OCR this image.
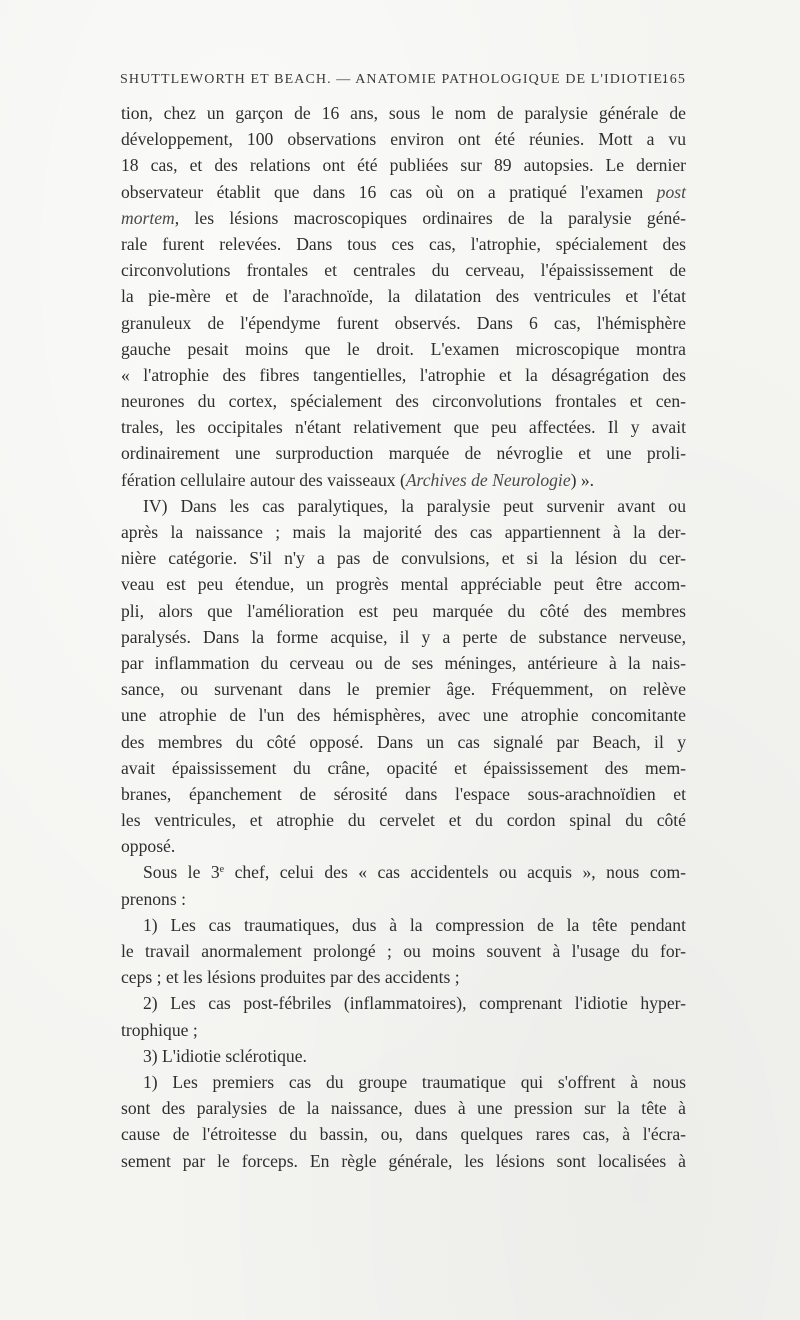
SHUTTLEWORTH ET BEACH. — ANATOMIE PATHOLOGIQUE DE L'IDIOTIE.
165
tion, chez un garçon de 16 ans, sous le nom de paralysie générale de
développement, 100 observations environ ont été réunies. Mott a vu
18 cas, et des relations ont été publiées sur 89 autopsies. Le dernier
observateur établit que dans 16 cas où on a pratiqué l'examen post
mortem, les lésions macroscopiques ordinaires de la paralysie géné-
rale furent relevées. Dans tous ces cas, l'atrophie, spécialement des
circonvolutions frontales et centrales du cerveau, l'épaississement de
la pie-mère et de l'arachnoïde, la dilatation des ventricules et l'état
granuleux de l'épendyme furent observés. Dans 6 cas, l'hémisphère
gauche pesait moins que le droit. L'examen microscopique montra
« l'atrophie des fibres tangentielles, l'atrophie et la désagrégation des
neurones du cortex, spécialement des circonvolutions frontales et cen-
trales, les occipitales n'étant relativement que peu affectées. Il y avait
ordinairement une surproduction marquée de névroglie et une proli-
fération cellulaire autour des vaisseaux (Archives de Neurologie) ».
IV) Dans les cas paralytiques, la paralysie peut survenir avant ou
après la naissance ; mais la majorité des cas appartiennent à la der-
nière catégorie. S'il n'y a pas de convulsions, et si la lésion du cer-
veau est peu étendue, un progrès mental appréciable peut être accom-
pli, alors que l'amélioration est peu marquée du côté des membres
paralysés. Dans la forme acquise, il y a perte de substance nerveuse,
par inflammation du cerveau ou de ses méninges, antérieure à la nais-
sance, ou survenant dans le premier âge. Fréquemment, on relève
une atrophie de l'un des hémisphères, avec une atrophie concomitante
des membres du côté opposé. Dans un cas signalé par Beach, il y
avait épaississement du crâne, opacité et épaississement des mem-
branes, épanchement de sérosité dans l'espace sous-arachnoïdien et
les ventricules, et atrophie du cervelet et du cordon spinal du côté
opposé.
Sous le 3e chef, celui des « cas accidentels ou acquis », nous com-
prenons :
1) Les cas traumatiques, dus à la compression de la tête pendant
le travail anormalement prolongé ; ou moins souvent à l'usage du for-
ceps ; et les lésions produites par des accidents ;
2) Les cas post-fébriles (inflammatoires), comprenant l'idiotie hyper-
trophique ;
3) L'idiotie sclérotique.
1) Les premiers cas du groupe traumatique qui s'offrent à nous
sont des paralysies de la naissance, dues à une pression sur la tête à
cause de l'étroitesse du bassin, ou, dans quelques rares cas, à l'écra-
sement par le forceps. En règle générale, les lésions sont localisées à
